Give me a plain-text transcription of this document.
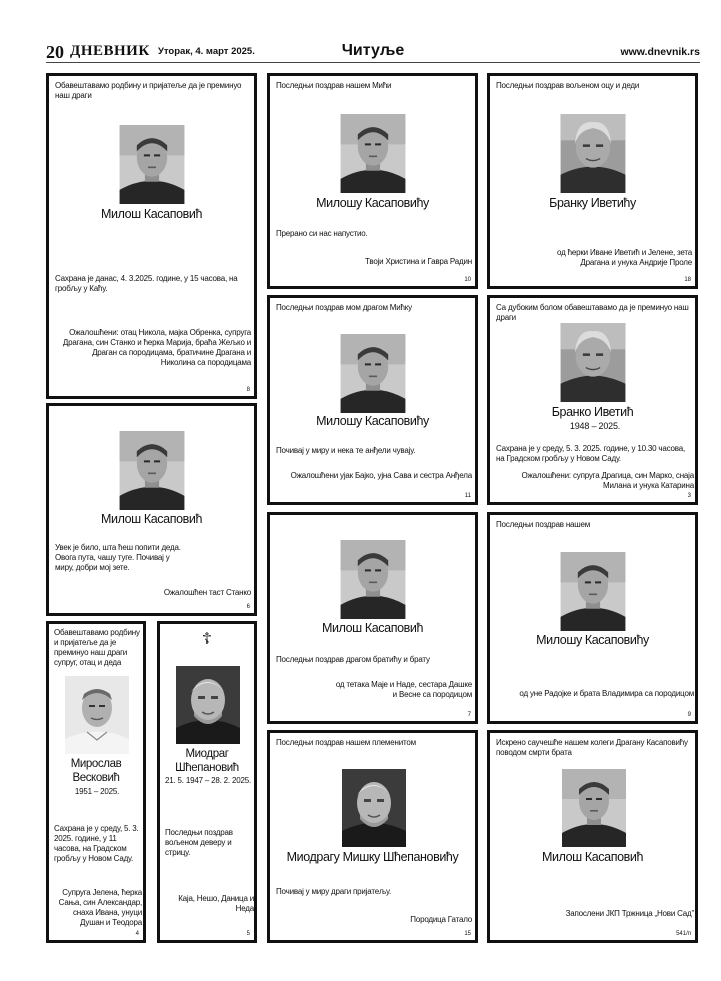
20 ДНЕВНИК Уторак, 4. март 2025.	Читуље	www.dnevnik.rs
Обавештавамо родбину и пријатеље да је преминуо наш драги
Милош Касаповић
Сахрана је данас, 4. 3.2025. године, у 15 часова, на гробљу у Каћу.
Ожалошћени: отац Никола, мајка Обренка, супруга Драгана, син Станко и ћерка Марија, браћа Жељко и Драган са породицама, братичине Драгана и Николина са породицама
8
Последњи поздрав нашем Мићи
Милошу Касаповићу
Прерано си нас напустио.
Твоји Христина и Гавра Радин
10
Последњи поздрав вољеном оцу и деди
Бранку Иветићу
од ћерки Иване Иветић и Јелене, зета Драгана и унука Андрије Проле
18
Последњи поздрав мом драгом Мићку
Милошу Касаповићу
Почивај у миру и нека те анђели чувају.
Ожалошћени ујак Бајко, ујна Сава и сестра Анђела
11
Са дубоким болом обавештавамо да је преминуо наш драги
Бранко Иветић
1948 – 2025.
Сахрана је у среду, 5. 3. 2025. године, у 10.30 часова, на Градском гробљу у Новом Саду.
Ожалошћени: супруга Драгица, син Марко, снаја Милана и унука Катарина
3
Милош Касаповић
Увек је било, шта ћеш попити деда. Овога пута, чашу туге. Почивај у миру, добри мој зете.
Ожалошћен таст Станко
6
Милош Касаповић
Последњи поздрав драгом братићу и брату
од тетака Маје и Наде, сестара Дашке и Весне са породицом
7
Последњи поздрав нашем
Милошу Касаповићу
од уне Радојке и брата Владимира са породицом
9
Обавештавамо родбину и пријатеље да је преминуо наш драги супруг, отац и деда
Мирослав
Весковић
1951 – 2025.
Сахрана је у среду, 5. 3. 2025. године, у 11 часова, на Градском гробљу у Новом Саду.
Супруга Јелена, ћерка Сања, син Александар, снаха Ивана, унуци Душан и Теодора
4
☦
Миодраг
Шћепановић
21. 5. 1947 – 28. 2. 2025.
Последњи поздрав вољеном деверу и стрицу.
Каја, Нешо, Даница и Неда
5
Последњи поздрав нашем племенитом
Миодрагу Мишку Шћепановићу
Почивај у миру драги пријатељу.
Породица Гатало
15
Искрено саучешће нашем колеги Драгану Касаповићу поводом смрти брата
Милош Касаповић
Запослени ЈКП Тржница „Нови Сад”
541/п
